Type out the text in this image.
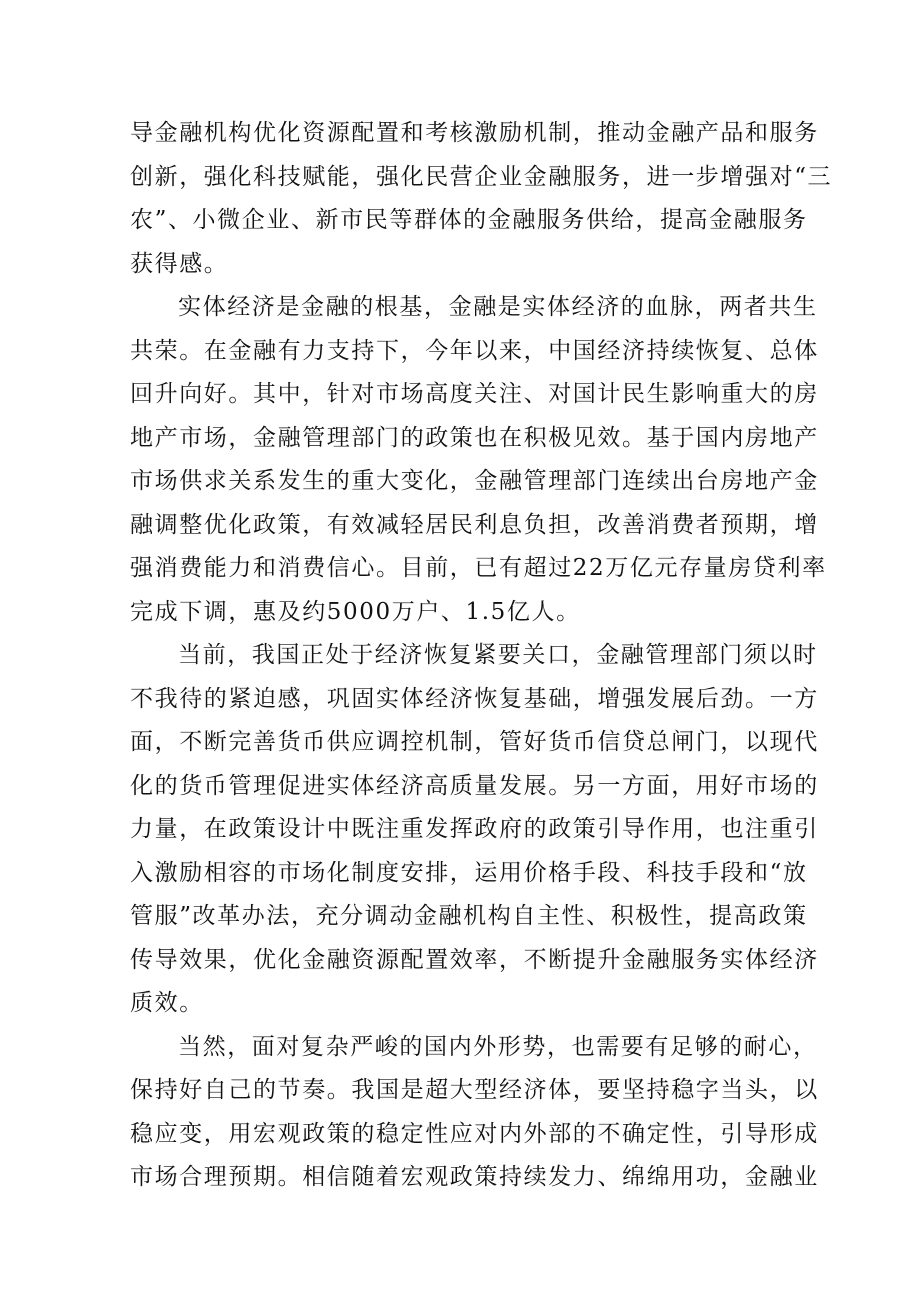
导金融机构优化资源配置和考核激励机制，推动金融产品和服务
创新，强化科技赋能，强化民营企业金融服务，进一步增强对“三
农”、小微企业、新市民等群体的金融服务供给，提高金融服务
获得感。
实体经济是金融的根基，金融是实体经济的血脉，两者共生
共荣。在金融有力支持下，今年以来，中国经济持续恢复、总体
回升向好。其中，针对市场高度关注、对国计民生影响重大的房
地产市场，金融管理部门的政策也在积极见效。基于国内房地产
市场供求关系发生的重大变化，金融管理部门连续出台房地产金
融调整优化政策，有效减轻居民利息负担，改善消费者预期，增
强消费能力和消费信心。目前，已有超过22万亿元存量房贷利率
完成下调，惠及约5000万户、1.5亿人。
当前，我国正处于经济恢复紧要关口，金融管理部门须以时
不我待的紧迫感，巩固实体经济恢复基础，增强发展后劲。一方
面，不断完善货币供应调控机制，管好货币信贷总闸门，以现代
化的货币管理促进实体经济高质量发展。另一方面，用好市场的
力量，在政策设计中既注重发挥政府的政策引导作用，也注重引
入激励相容的市场化制度安排，运用价格手段、科技手段和“放
管服”改革办法，充分调动金融机构自主性、积极性，提高政策
传导效果，优化金融资源配置效率，不断提升金融服务实体经济
质效。
当然，面对复杂严峻的国内外形势，也需要有足够的耐心，
保持好自己的节奏。我国是超大型经济体，要坚持稳字当头，以
稳应变，用宏观政策的稳定性应对内外部的不确定性，引导形成
市场合理预期。相信随着宏观政策持续发力、绵绵用功，金融业
